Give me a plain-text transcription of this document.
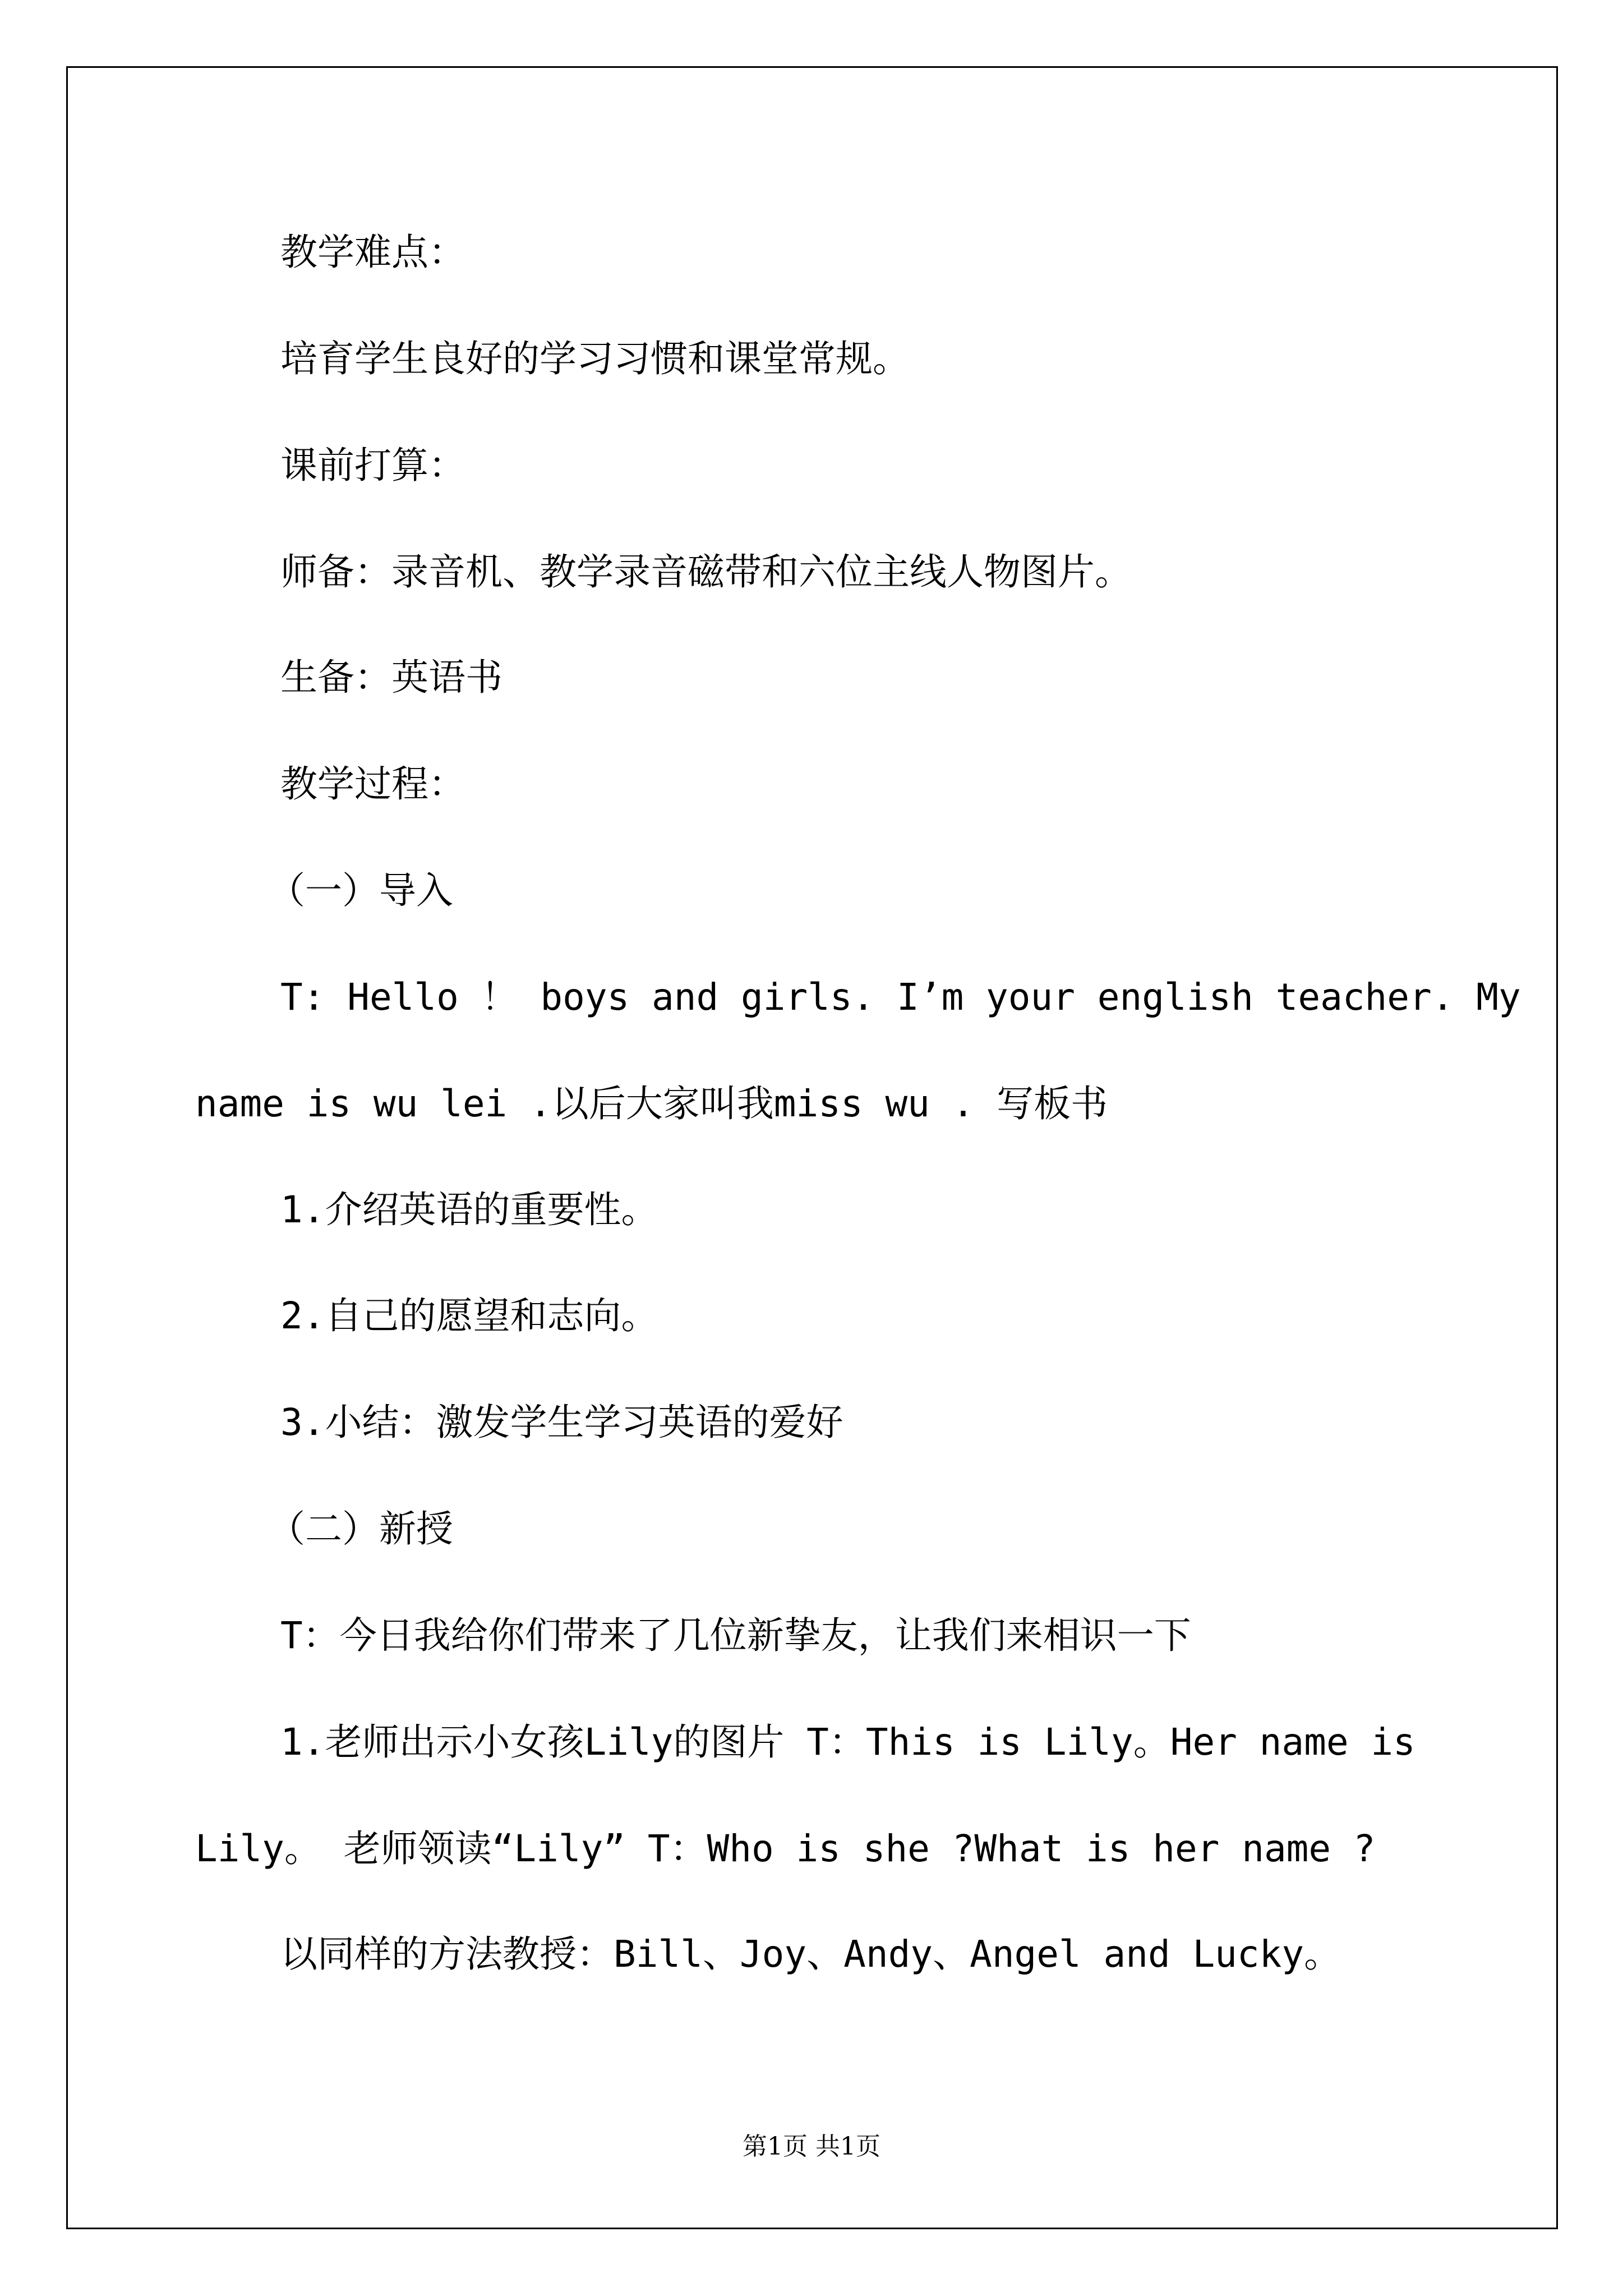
教学难点：
培育学生良好的学习习惯和课堂常规。
课前打算：
师备：录音机、教学录音磁带和六位主线人物图片。
生备：英语书
教学过程：
（一）导入
T: Hello ！ boys and girls. I’m your english teacher. My
name is wu lei .以后大家叫我miss wu . 写板书
1.介绍英语的重要性。
2.自己的愿望和志向。
3.小结：激发学生学习英语的爱好
（二）新授
T：今日我给你们带来了几位新挚友，让我们来相识一下
1.老师出示小女孩Lily的图片 T：This is Lily。Her name is
Lily。 老师领读“Lily” T：Who is she ?What is her name ?
以同样的方法教授：Bill、Joy、Andy、Angel and Lucky。
第1页 共1页
